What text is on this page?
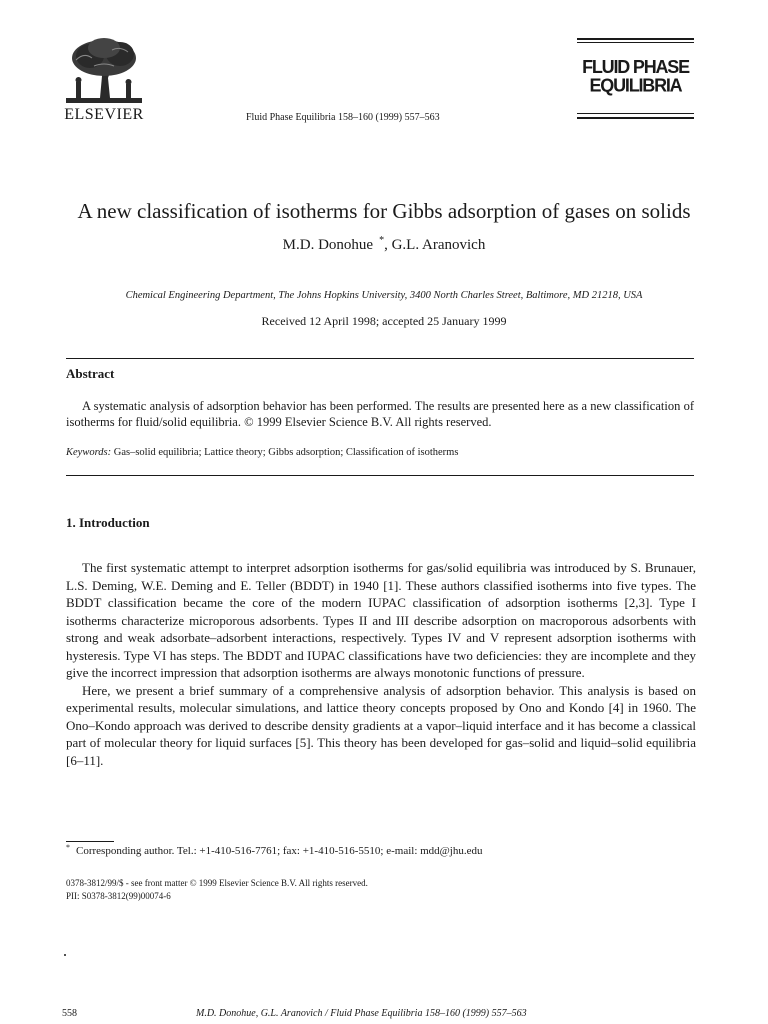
ELSEVIER	Fluid Phase Equilibria 158–160 (1999) 557–563
FLUID PHASE
EQUILIBRIA
A new classification of isotherms for Gibbs adsorption of gases on solids
M.D. Donohue *, G.L. Aranovich
Chemical Engineering Department, The Johns Hopkins University, 3400 North Charles Street, Baltimore, MD 21218, USA
Received 12 April 1998; accepted 25 January 1999
Abstract
A systematic analysis of adsorption behavior has been performed. The results are presented here as a new classification of isotherms for fluid/solid equilibria. © 1999 Elsevier Science B.V. All rights reserved.
Keywords: Gas–solid equilibria; Lattice theory; Gibbs adsorption; Classification of isotherms
1. Introduction

The first systematic attempt to interpret adsorption isotherms for gas/solid equilibria was introduced by S. Brunauer, L.S. Deming, W.E. Deming and E. Teller (BDDT) in 1940 [1]. These authors classified isotherms into five types. The BDDT classification became the core of the modern IUPAC classification of adsorption isotherms [2,3]. Type I isotherms characterize microporous adsorbents. Types II and III describe adsorption on macroporous adsorbents with strong and weak adsorbate–adsorbent interactions, respectively. Types IV and V represent adsorption isotherms with hysteresis. Type VI has steps. The BDDT and IUPAC classifications have two deficiencies: they are incomplete and they give the incorrect impression that adsorption isotherms are always monotonic functions of pressure.

Here, we present a brief summary of a comprehensive analysis of adsorption behavior. This analysis is based on experimental results, molecular simulations, and lattice theory concepts proposed by Ono and Kondo [4] in 1960. The Ono–Kondo approach was derived to describe density gradients at a vapor–liquid interface and it has become a classical part of molecular theory for liquid surfaces [5]. This theory has been developed for gas–solid and liquid–solid equilibria [6–11].

* Corresponding author. Tel.: +1-410-516-7761; fax: +1-410-516-5510; e-mail: mdd@jhu.edu
0378-3812/99/$ - see front matter © 1999 Elsevier Science B.V. All rights reserved.
PII: S0378-3812(99)00074-6
558	M.D. Donohue, G.L. Aranovich / Fluid Phase Equilibria 158–160 (1999) 557–563
